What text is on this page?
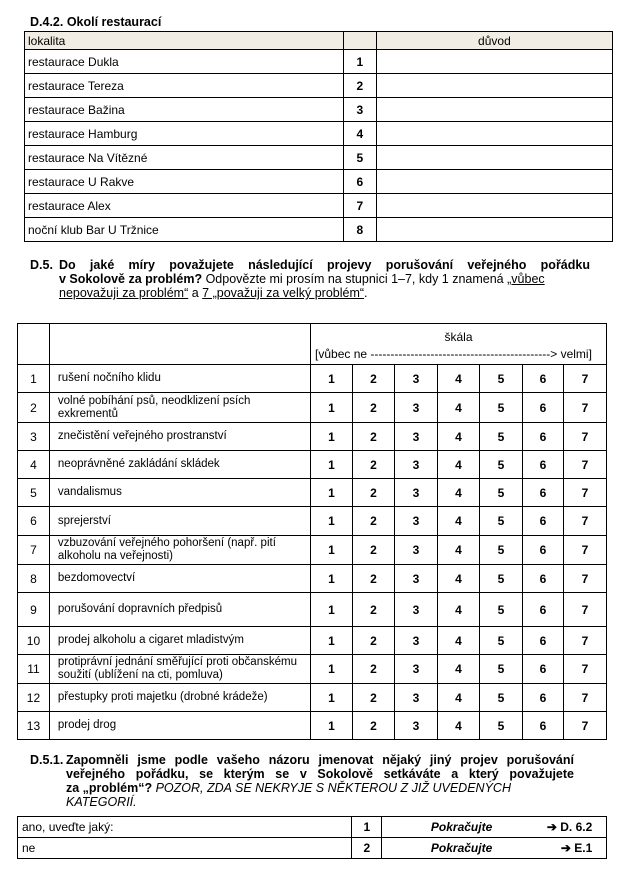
D.4.2. Okolí restaurací
lokalita		důvod
restaurace Dukla	1	
restaurace Tereza	2	
restaurace Bažina	3	
restaurace Hamburg	4	
restaurace Na Vítězné	5	
restaurace U Rakve	6	
restaurace Alex	7	
noční klub Bar U Tržnice	8	
D.5. Do jaké míry považujete následující projevy porušování veřejného pořádku
v Sokolově za problém? Odpovězte mi prosím na stupnici 1–7, kdy 1 znamená „vůbec
nepovažuji za problém“ a 7 „považuji za velký problém“.

		škála
[vůbec ne ---------------------------------------------> velmi]						

1	rušení nočního klidu	1	2	3	4	5	6	7
2	volné pobíhání psů, neodklizení psích exkrementů	1	2	3	4	5	6	7
3	znečistění veřejného prostranství	1	2	3	4	5	6	7
4	neoprávněné zakládání skládek	1	2	3	4	5	6	7
5	vandalismus	1	2	3	4	5	6	7
6	sprejerství	1	2	3	4	5	6	7
7	vzbuzování veřejného pohoršení (např. pití alkoholu na veřejnosti)	1	2	3	4	5	6	7
8	bezdomovectví	1	2	3	4	5	6	7
9	porušování dopravních předpisů	1	2	3	4	5	6	7
10	prodej alkoholu a cigaret mladistvým	1	2	3	4	5	6	7
11	protiprávní jednání směřující proti občanskému soužití (ublížení na cti, pomluva)	1	2	3	4	5	6	7
12	přestupky proti majetku (drobné krádeže)	1	2	3	4	5	6	7
13	prodej drog	1	2	3	4	5	6	7
D.5.1. Zapomněli jsme podle vašeho názoru jmenovat nějaký jiný projev porušování
veřejného pořádku, se kterým se v Sokolově setkáváte a který považujete
za „problém“? POZOR, ZDA SE NEKRYJE S NĚKTEROU Z JIŽ UVEDENÝCH
KATEGORIÍ.
ano, uveďte jaký:	1	Pokračujte ➔ D. 6.2
ne	2	Pokračujte ➔ E.1
